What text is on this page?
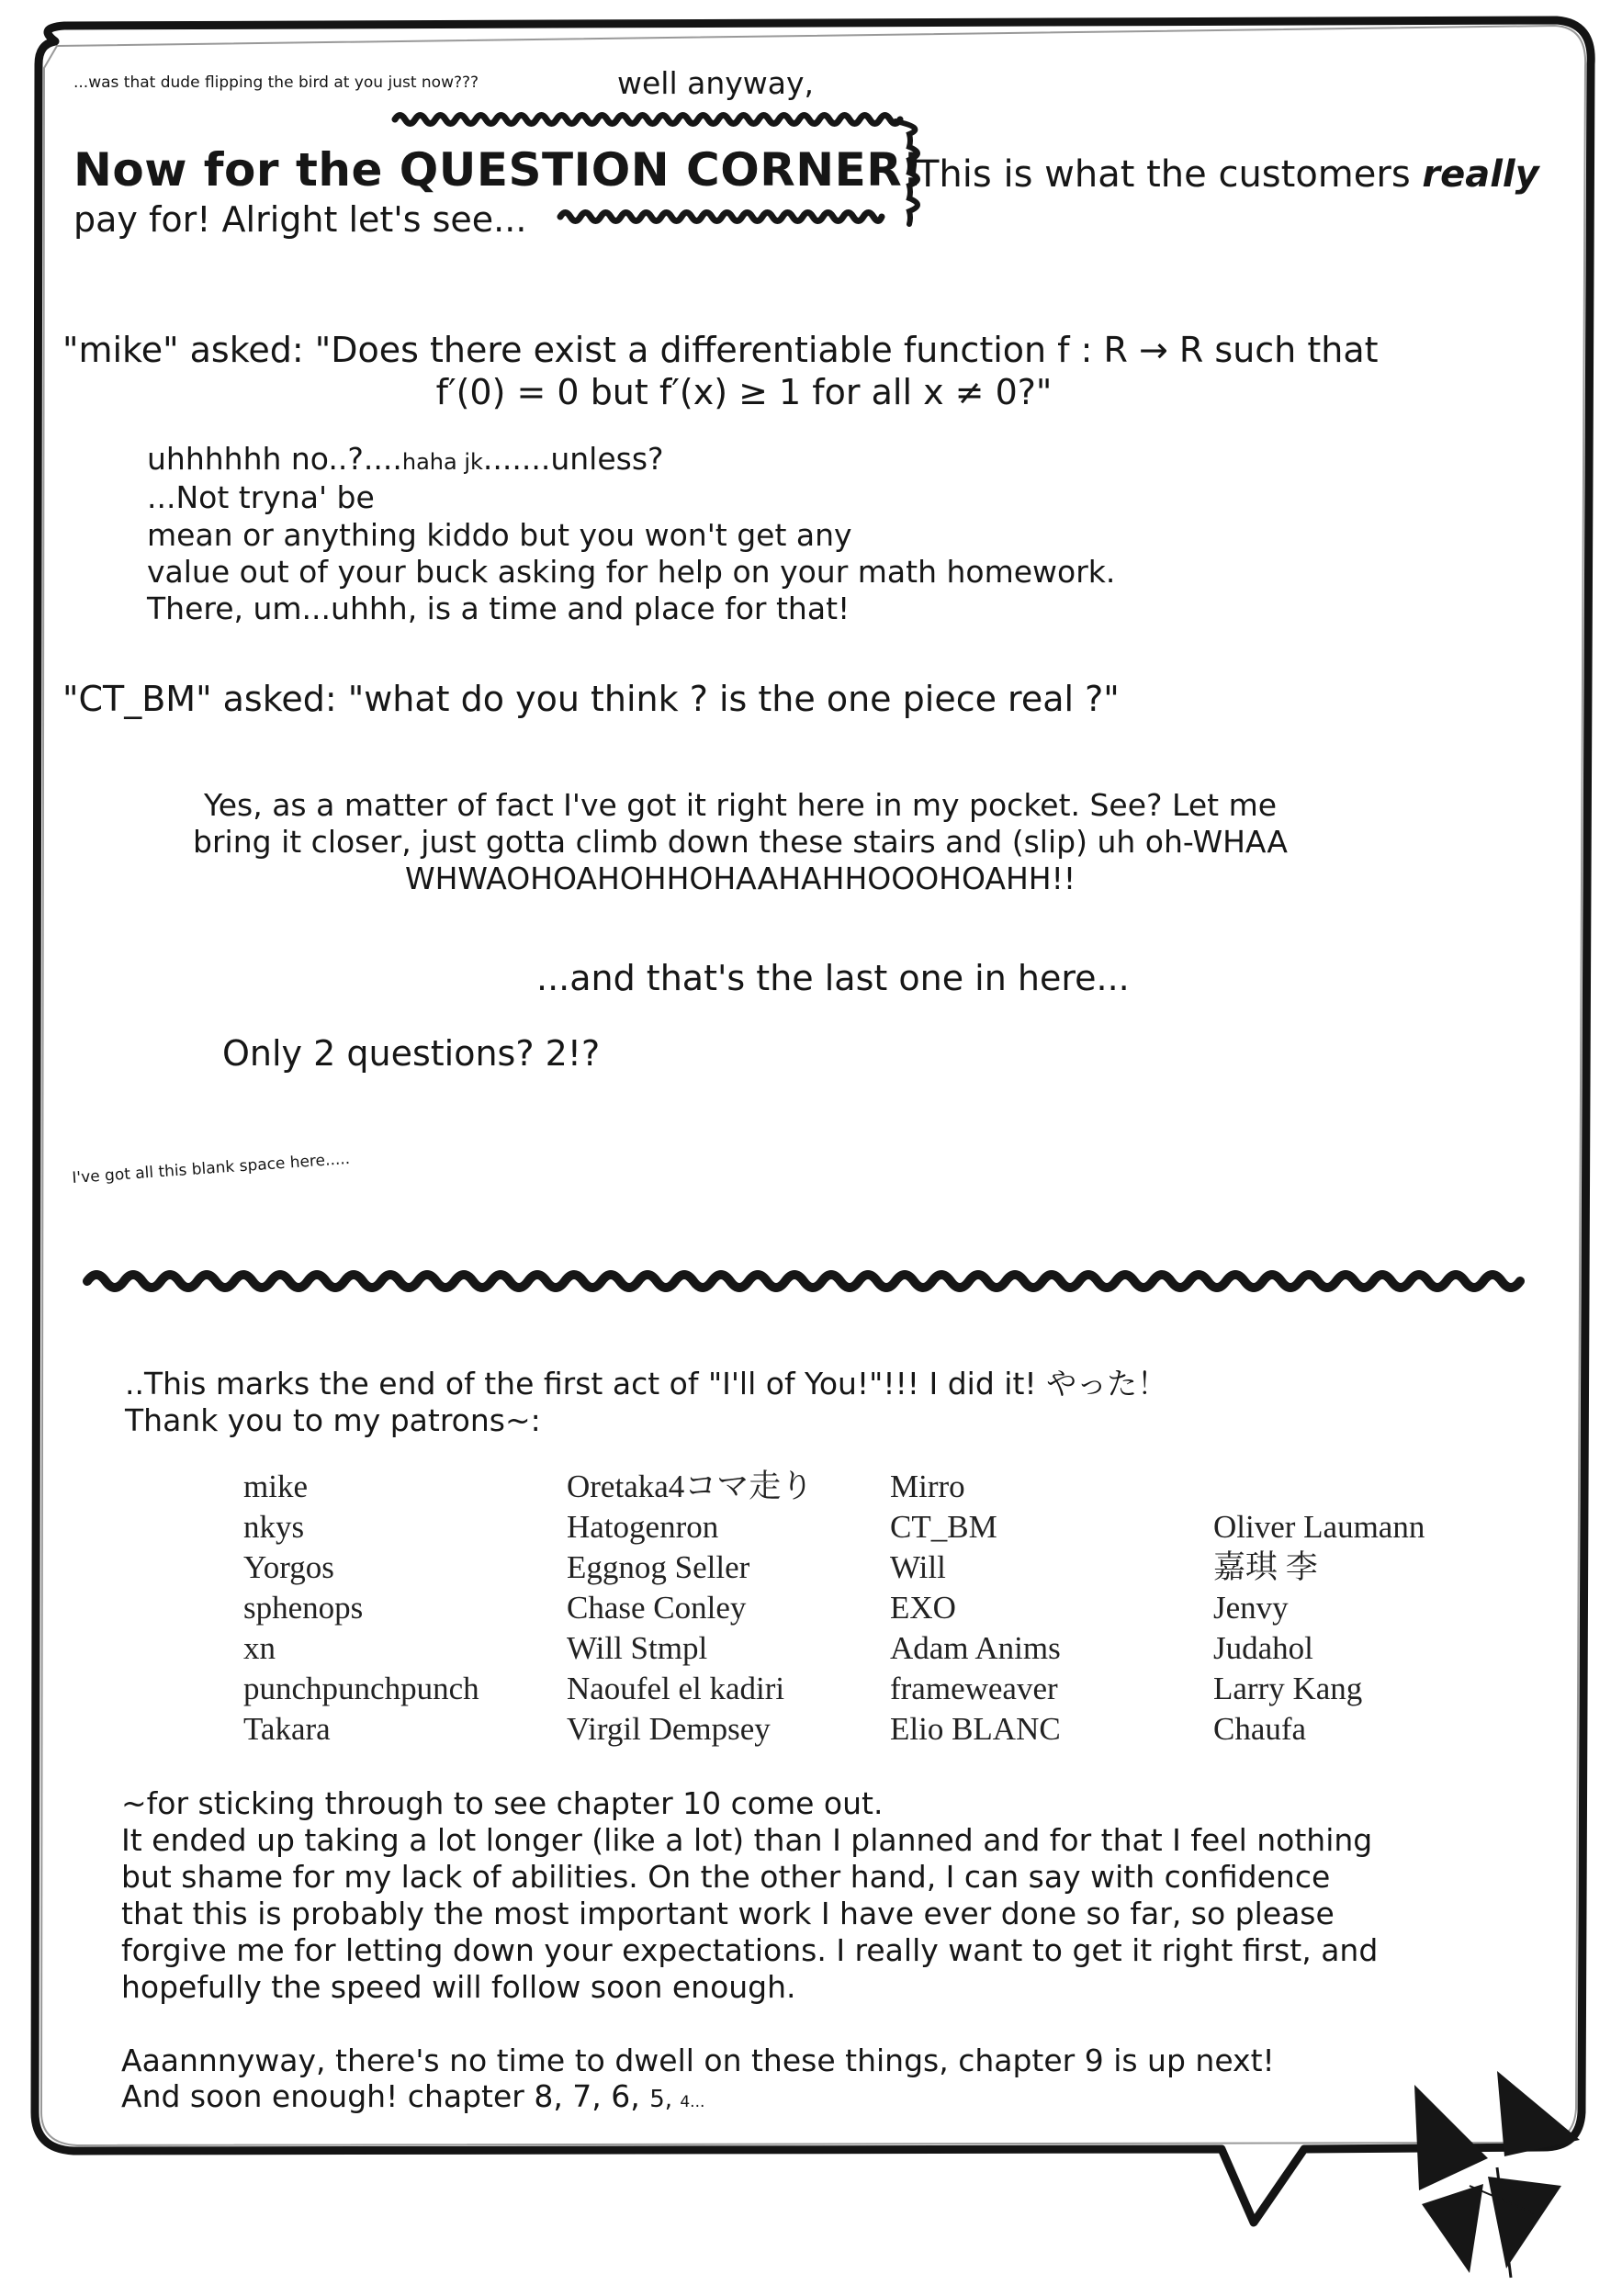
...was that dude flipping the bird at you just now???	well anyway,

Now for the QUESTION CORNER!

This is what the customers really

pay for! Alright let's see...

"mike" asked: "Does there exist a differentiable function f : R → R such that

f′(0) = 0 but f′(x) ≥ 1 for all x ≠ 0?"

uhhhhhh no..?....haha jk.......unless?

...Not tryna' be

mean or anything kiddo but you won't get any

value out of your buck asking for help on your math homework.

There, um...uhhh, is a time and place for that!

"CT_BM" asked: "what do you think ? is the one piece real ?"

Yes, as a matter of fact I've got it right here in my pocket. See? Let me

bring it closer, just gotta climb down these stairs and (slip) uh oh-WHAA

WHWAOHOAHOHHOHAAHAHHOOOHOAHH!!

...and that's the last one in here...

Only 2 questions? 2!?

I've got all this blank space here.....

..This marks the end of the first act of "I'll of You!"!!! I did it! やった！

Thank you to my patrons~:

mike
nkys
Yorgos
sphenops
xn
punchpunchpunch
Takara
Oretaka4コマ走り
Hatogenron
Eggnog Seller
Chase Conley
Will Stmpl
Naoufel el kadiri
Virgil Dempsey
Mirro
CT_BM
Will
EXO
Adam Anims
frameweaver
Elio BLANC
Oliver Laumann
嘉琪 李
Jenvy
Judahol
Larry Kang
Chaufa

~for sticking through to see chapter 10 come out.

It ended up taking a lot longer (like a lot) than I planned and for that I feel nothing

but shame for my lack of abilities. On the other hand, I can say with confidence

that this is probably the most important work I have ever done so far, so please

forgive me for letting down your expectations. I really want to get it right first, and

hopefully the speed will follow soon enough.

Aaannnyway, there's no time to dwell on these things, chapter 9 is up next!

And soon enough! chapter 8, 7, 6, 5, 4...
